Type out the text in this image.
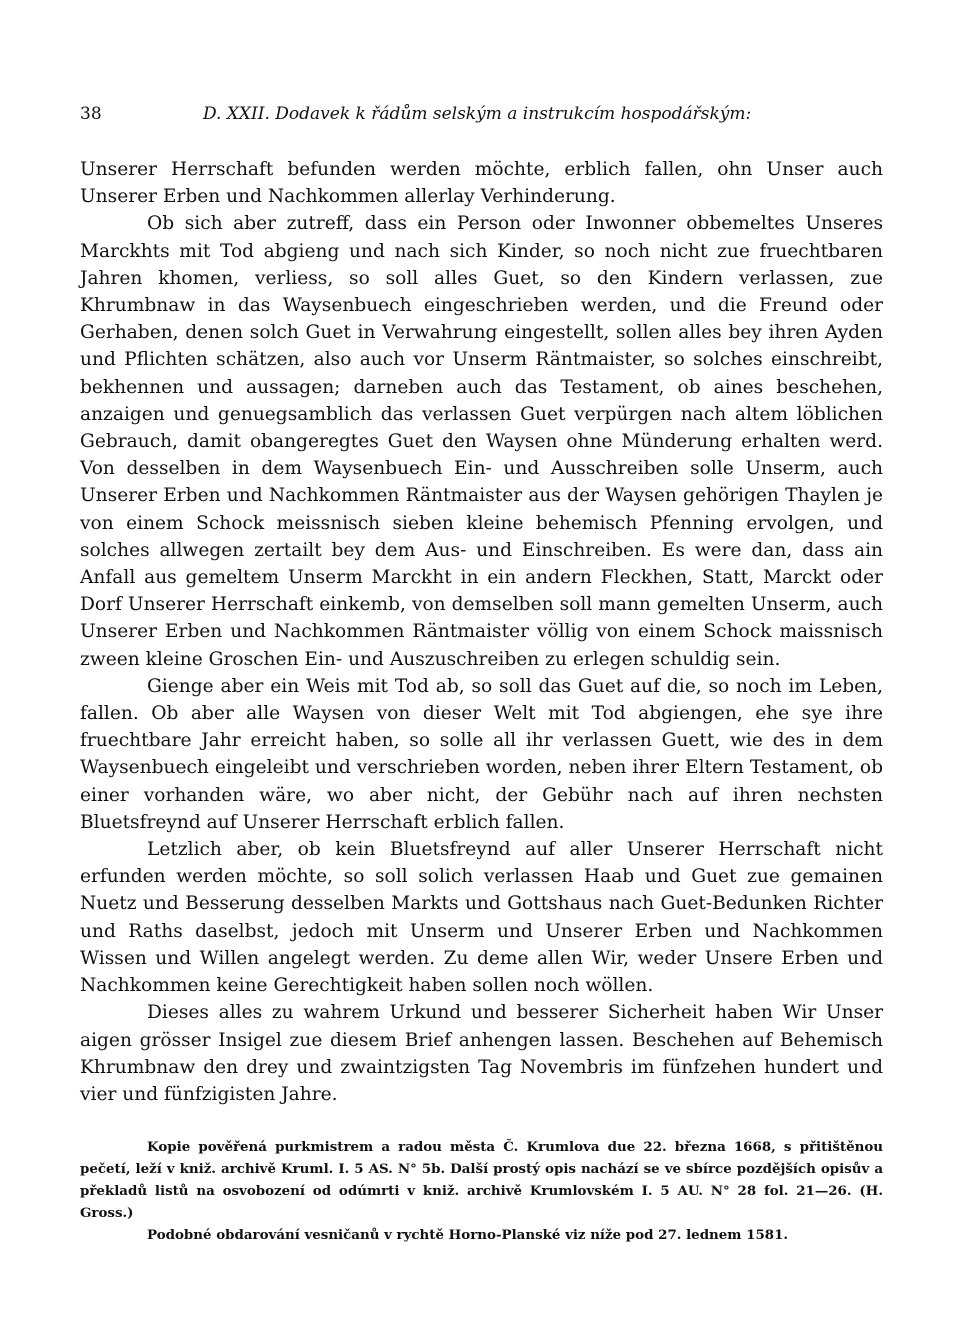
38	D. XXII. Dodavek k řádům selským a instrukcím hospodářským:

Unserer Herrschaft befunden werden möchte, erblich fallen, ohn Unser auch Unserer Erben und Nachkommen allerlay Verhinderung.

Ob sich aber zutreff, dass ein Person oder Inwonner obbemeltes Unseres Marckhts mit Tod abgieng und nach sich Kinder, so noch nicht zue fruechtbaren Jahren khomen, verliess, so soll alles Guet, so den Kindern verlassen, zue Khrumbnaw in das Waysenbuech eingeschrieben werden, und die Freund oder Gerhaben, denen solch Guet in Verwahrung eingestellt, sollen alles bey ihren Ayden und Pflichten schätzen, also auch vor Unserm Räntmaister, so solches einschreibt, bekhennen und aussagen; darneben auch das Testament, ob aines beschehen, anzaigen und genuegsamblich das verlassen Guet verpürgen nach altem löblichen Gebrauch, damit obangeregtes Guet den Waysen ohne Münderung erhalten werd. Von desselben in dem Waysenbuech Ein- und Ausschreiben solle Unserm, auch Unserer Erben und Nachkommen Räntmaister aus der Waysen gehörigen Thaylen je von einem Schock meissnisch sieben kleine behemisch Pfenning ervolgen, und solches allwegen zertailt bey dem Aus- und Einschreiben. Es were dan, dass ain Anfall aus gemeltem Unserm Marckht in ein andern Fleckhen, Statt, Marckt oder Dorf Unserer Herrschaft einkemb, von demselben soll mann gemelten Unserm, auch Unserer Erben und Nachkommen Räntmaister völlig von einem Schock maissnisch zween kleine Groschen Ein- und Auszuschreiben zu erlegen schuldig sein.

Gienge aber ein Weis mit Tod ab, so soll das Guet auf die, so noch im Leben, fallen. Ob aber alle Waysen von dieser Welt mit Tod abgiengen, ehe sye ihre fruechtbare Jahr erreicht haben, so solle all ihr verlassen Guett, wie des in dem Waysenbuech eingeleibt und verschrieben worden, neben ihrer Eltern Testament, ob einer vorhanden wäre, wo aber nicht, der Gebühr nach auf ihren nechsten Bluetsfreynd auf Unserer Herrschaft erblich fallen.

Letzlich aber, ob kein Bluetsfreynd auf aller Unserer Herrschaft nicht erfunden werden möchte, so soll solich verlassen Haab und Guet zue gemainen Nuetz und Besserung desselben Markts und Gottshaus nach Guet-Bedunken Richter und Raths daselbst, jedoch mit Unserm und Unserer Erben und Nachkommen Wissen und Willen angelegt werden. Zu deme allen Wir, weder Unsere Erben und Nachkommen keine Gerechtigkeit haben sollen noch wöllen.

Dieses alles zu wahrem Urkund und besserer Sicherheit haben Wir Unser aigen grösser Insigel zue diesem Brief anhengen lassen. Beschehen auf Behemisch Khrumbnaw den drey und zwaintzigsten Tag Novembris im fünfzehen hundert und vier und fünfzigisten Jahre.

Kopie pověřená purkmistrem a radou města Č. Krumlova due 22. března 1668, s přitištěnou pečetí, leží v kniž. archivě Kruml. I. 5 AS. N° 5b. Další prostý opis nachází se ve sbírce pozdějších opisův a překladů listů na osvobození od odúmrti v kniž. archivě Krumlovském I. 5 AU. N° 28 fol. 21—26. (H. Gross.)

Podobné obdarování vesničanů v rychtě Horno-Planské viz níže pod 27. lednem 1581.
